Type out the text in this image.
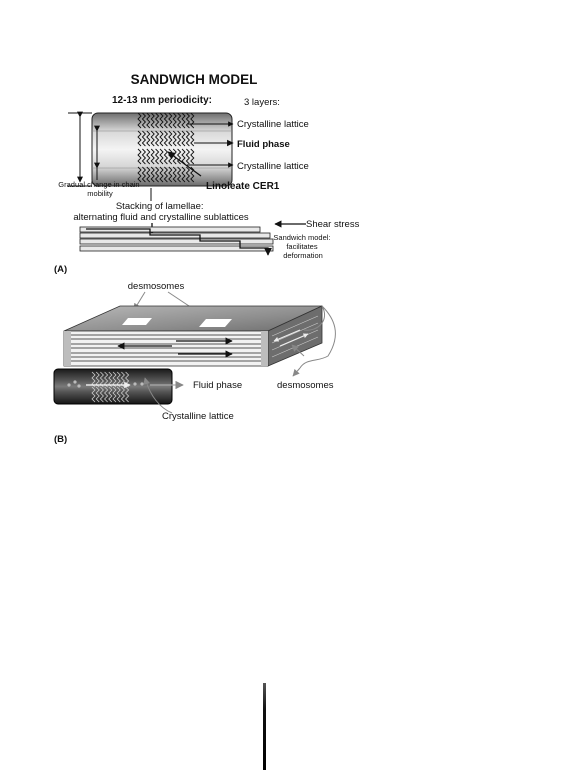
SANDWICH MODEL
12-13 nm periodicity:	3 layers:
Crystalline lattice
Fluid phase
Crystalline lattice
Linoleate CER1
Gradual change in chain mobility
Stacking of lamellae: alternating fluid and crystalline sublattices
Shear stress
Sandwich model: facilitates deformation
(A)
desmosomes
desmosomes
Fluid phase
Crystalline lattice
(B)
